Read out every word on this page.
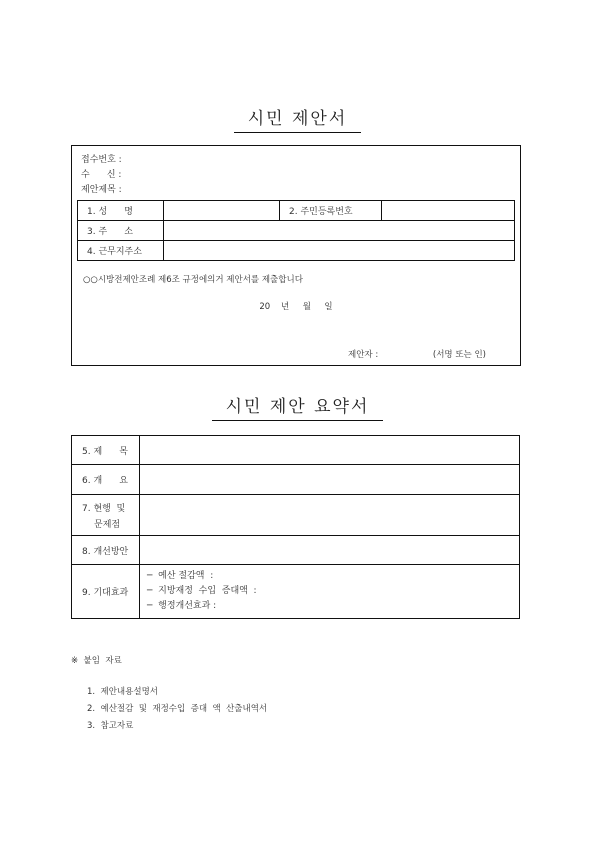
시민 제안서
접수번호 :
수      신 :
제안제목 :
1. 성      명		2. 주민등록번호	
3. 주      소			
4. 근무지주소			
○○시방전제안조례 제6조 규정에의거 제안서를 제출합니다
20    년     월     일
제안자 :	(서명 또는 인)
시민 제안 요약서
5. 제      목	
6. 개      요	

7. 현행  및
문제점	

8. 개선방안	
9. 기대효과	─  예산 절감액  :
─  지방재정  수입  증대액  :
─  행정개선효과 :
※  붙임  자료
1.  제안내용설명서
2.  예산절감  및  재정수입  증대  액  산출내역서
3.  참고자료
